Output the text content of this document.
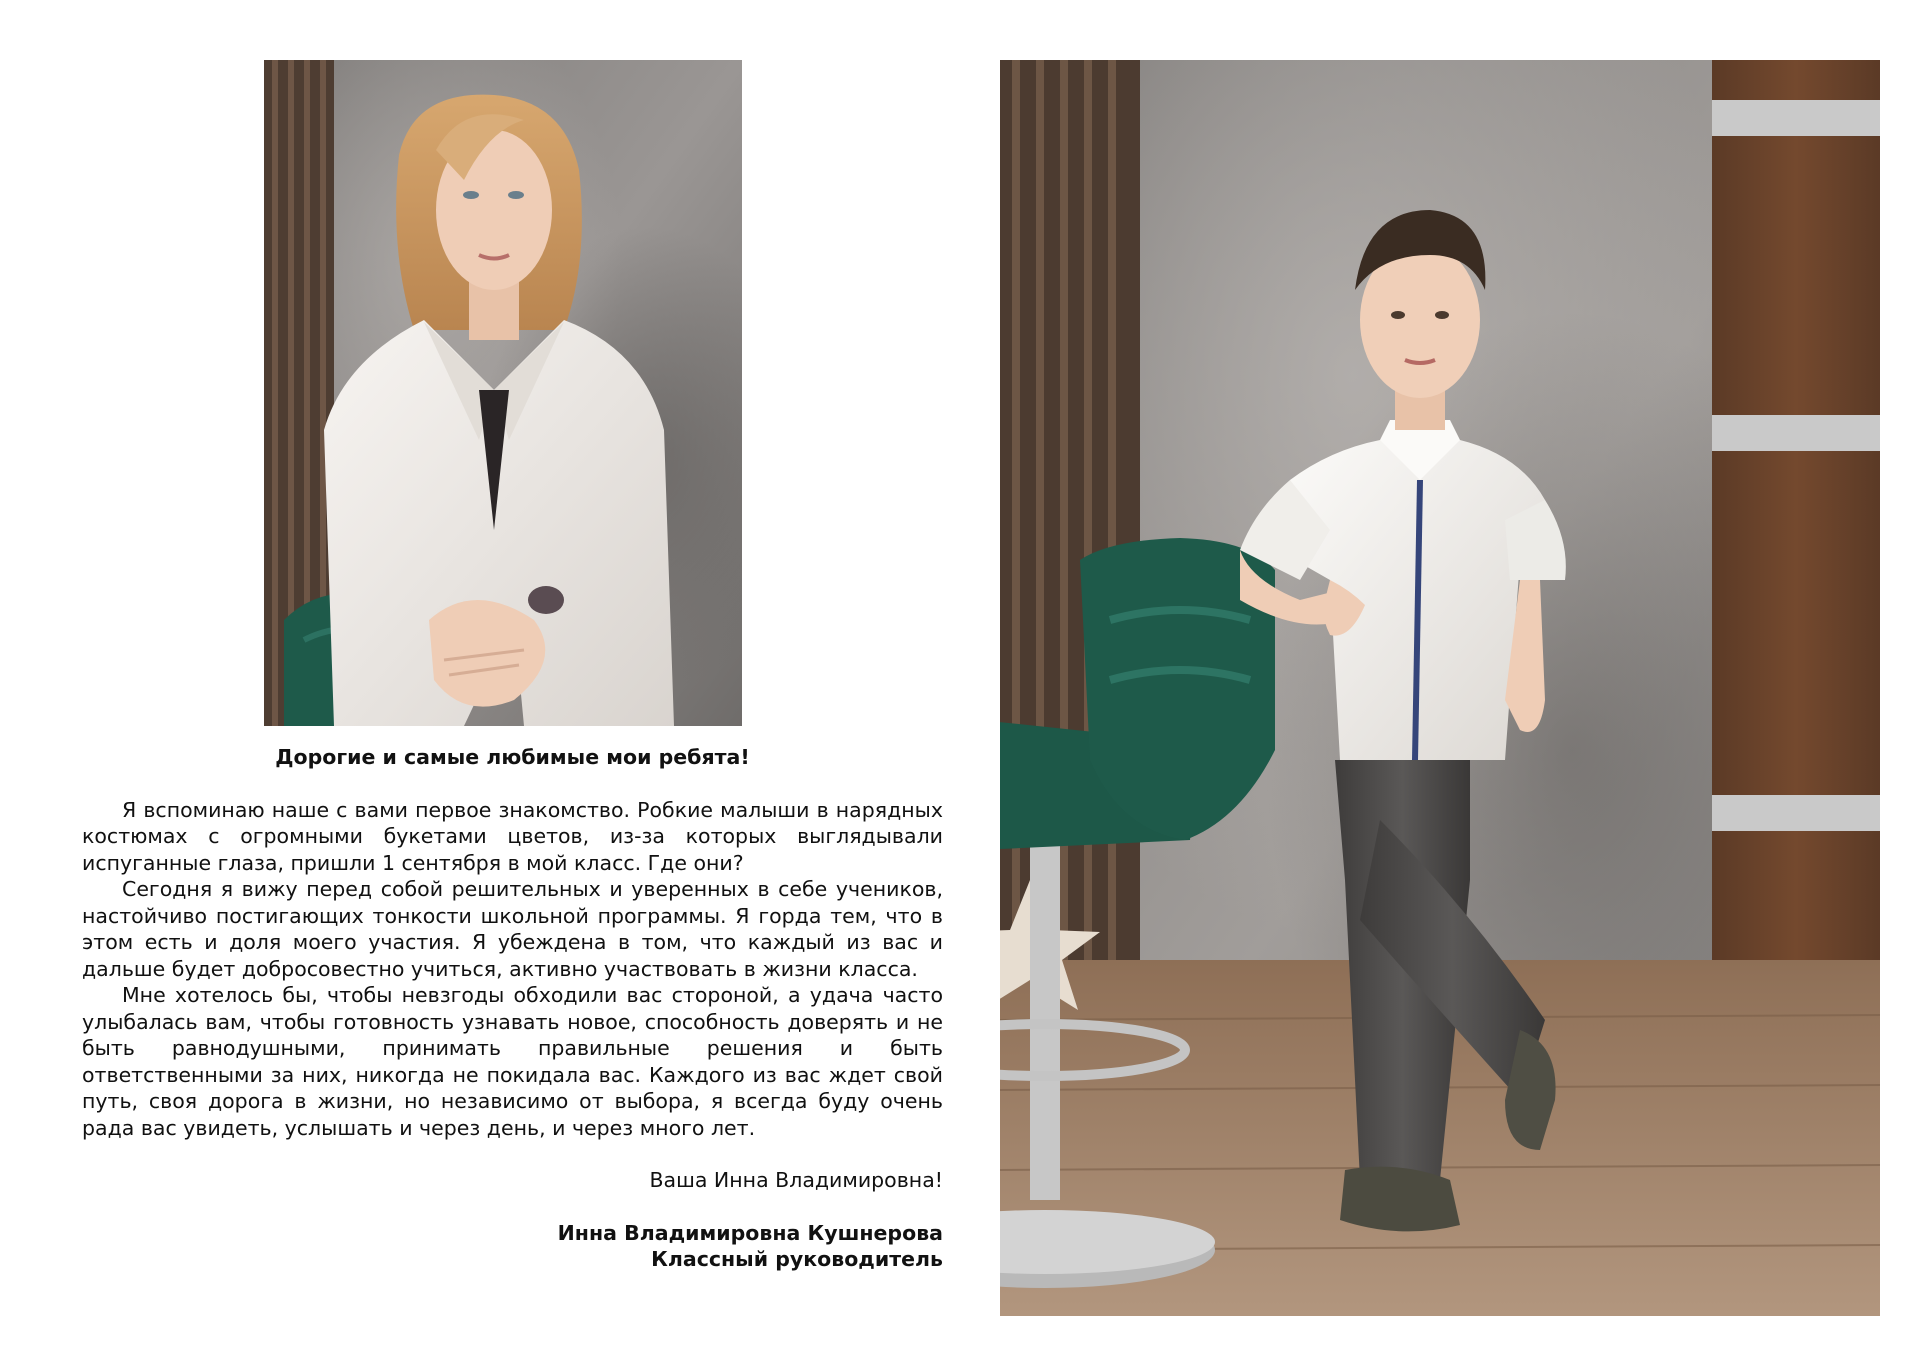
Дорогие и самые любимые мои ребята!

Я вспоминаю наше с вами первое знакомство. Робкие малыши в нарядных костюмах с огромными букетами цветов, из-за которых выглядывали испуганные глаза, пришли 1 сентября в мой класс. Где они?

Сегодня я вижу перед собой решительных и уверенных в себе учеников, настойчиво постигающих тонкости школьной программы. Я горда тем, что в этом есть и доля моего участия. Я убеждена в том, что каждый из вас и дальше будет добросовестно учиться, активно участвовать в жизни класса.

Мне хотелось бы, чтобы невзгоды обходили вас стороной, а удача часто улыбалась вам, чтобы готовность узнавать новое, способность доверять и не быть равнодушными, принимать правильные решения и быть ответственными за них, никогда не покидала вас. Каждого из вас ждет свой путь, своя дорога в жизни, но независимо от выбора, я всегда буду очень рада вас увидеть, услышать и через день, и через много лет.

Ваша Инна Владимировна!

Инна Владимировна Кушнерова

Классный руководитель
